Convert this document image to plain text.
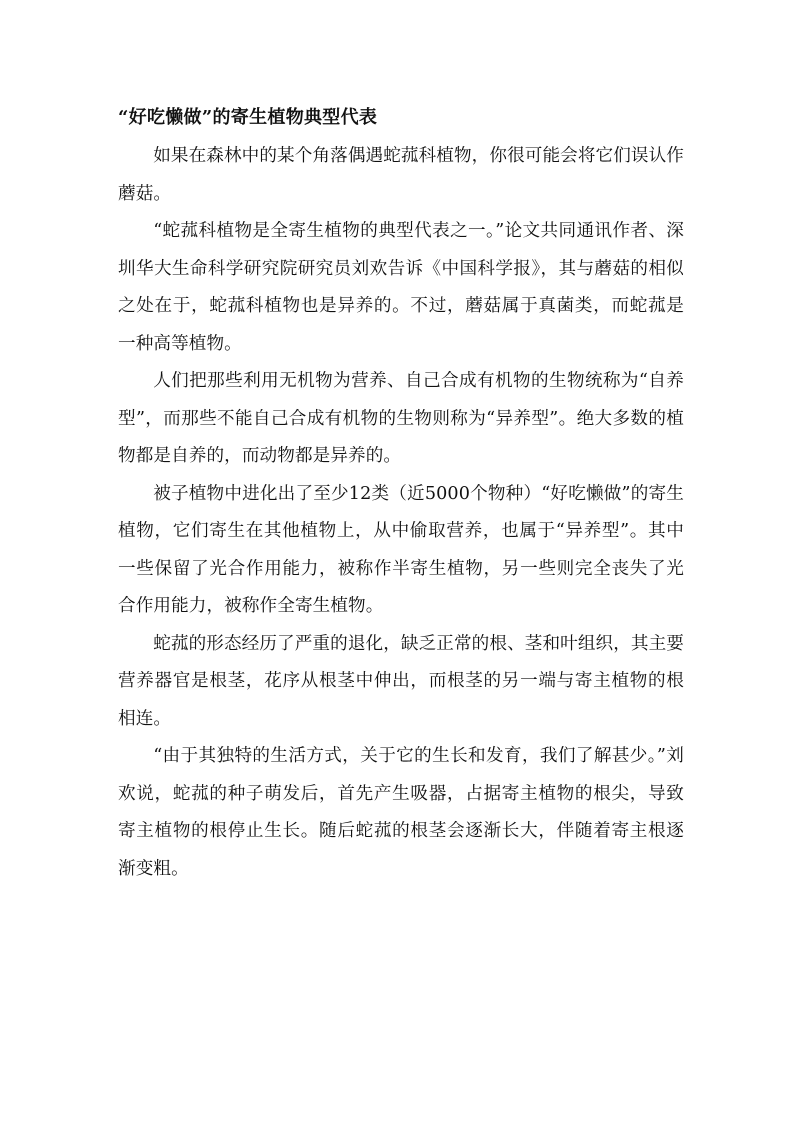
“好吃懒做”的寄生植物典型代表

如果在森林中的某个角落偶遇蛇菰科植物，你很可能会将它们误认作蘑菇。

“蛇菰科植物是全寄生植物的典型代表之一。”论文共同通讯作者、深圳华大生命科学研究院研究员刘欢告诉《中国科学报》，其与蘑菇的相似之处在于，蛇菰科植物也是异养的。不过，蘑菇属于真菌类，而蛇菰是一种高等植物。

人们把那些利用无机物为营养、自己合成有机物的生物统称为“自养型”，而那些不能自己合成有机物的生物则称为“异养型”。绝大多数的植物都是自养的，而动物都是异养的。

被子植物中进化出了至少12类（近5000个物种）“好吃懒做”的寄生植物，它们寄生在其他植物上，从中偷取营养，也属于“异养型”。其中一些保留了光合作用能力，被称作半寄生植物，另一些则完全丧失了光合作用能力，被称作全寄生植物。

蛇菰的形态经历了严重的退化，缺乏正常的根、茎和叶组织，其主要营养器官是根茎，花序从根茎中伸出，而根茎的另一端与寄主植物的根相连。

“由于其独特的生活方式，关于它的生长和发育，我们了解甚少。”刘欢说，蛇菰的种子萌发后，首先产生吸器，占据寄主植物的根尖，导致寄主植物的根停止生长。随后蛇菰的根茎会逐渐长大，伴随着寄主根逐渐变粗。
